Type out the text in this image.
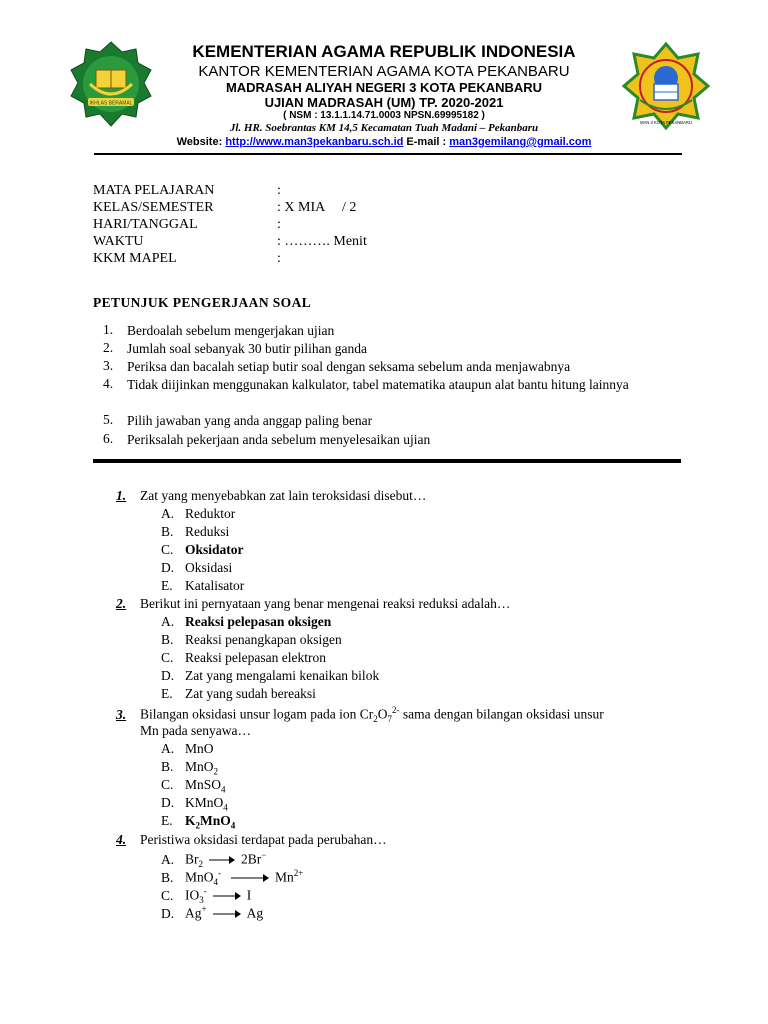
IKHLAS BERAMAL
MAN 3 KOTA PEKANBARU
KEMENTERIAN AGAMA REPUBLIK INDONESIA
KANTOR KEMENTERIAN AGAMA KOTA PEKANBARU
MADRASAH ALIYAH NEGERI 3 KOTA PEKANBARU
UJIAN MADRASAH (UM) TP. 2020-2021
( NSM : 13.1.1.14.71.0003 NPSN.69995182 )
Jl. HR. Soebrantas KM 14,5 Kecamatan Tuah Madani – Pekanbaru
Website: http://www.man3pekanbaru.sch.id E-mail : man3gemilang@gmail.com
MATA PELAJARAN	:
KELAS/SEMESTER	: X MIA     / 2
HARI/TANGGAL	:
WAKTU	: ………. Menit
KKM MAPEL	:
PETUNJUK PENGERJAAN SOAL
1. Berdoalah sebelum mengerjakan ujian
2. Jumlah soal sebanyak 30 butir pilihan ganda
3. Periksa dan bacalah setiap butir soal dengan seksama sebelum anda menjawabnya
4. Tidak diijinkan menggunakan kalkulator, tabel matematika ataupun alat bantu hitung lainnya
5. Pilih jawaban yang anda anggap paling benar
6. Periksalah pekerjaan anda sebelum menyelesaikan ujian
1. Zat yang menyebabkan zat lain teroksidasi disebut…
A. Reduktor
B. Reduksi
C. Oksidator
D. Oksidasi
E. Katalisator
2. Berikut ini pernyataan yang benar mengenai reaksi reduksi adalah…
A. Reaksi pelepasan oksigen
B. Reaksi penangkapan oksigen
C. Reaksi pelepasan elektron
D. Zat yang mengalami kenaikan bilok
E. Zat yang sudah bereaksi
3. Bilangan oksidasi unsur logam pada ion $Cr_2O_7^{2-}$ sama dengan bilangan oksidasi unsur
Mn pada senyawa…
A. MnO
B. MnO$_2$
C. MnSO$_4$
D. KMnO$_4$
E. $K_2MnO_4$
4. Peristiwa oksidasi terdapat pada perubahan…
A. $Br_2$	2Br−
B. MnO$_4$-	$Mn^{2+}$
C. $IO_3^-$	I
D. Ag+	Ag
